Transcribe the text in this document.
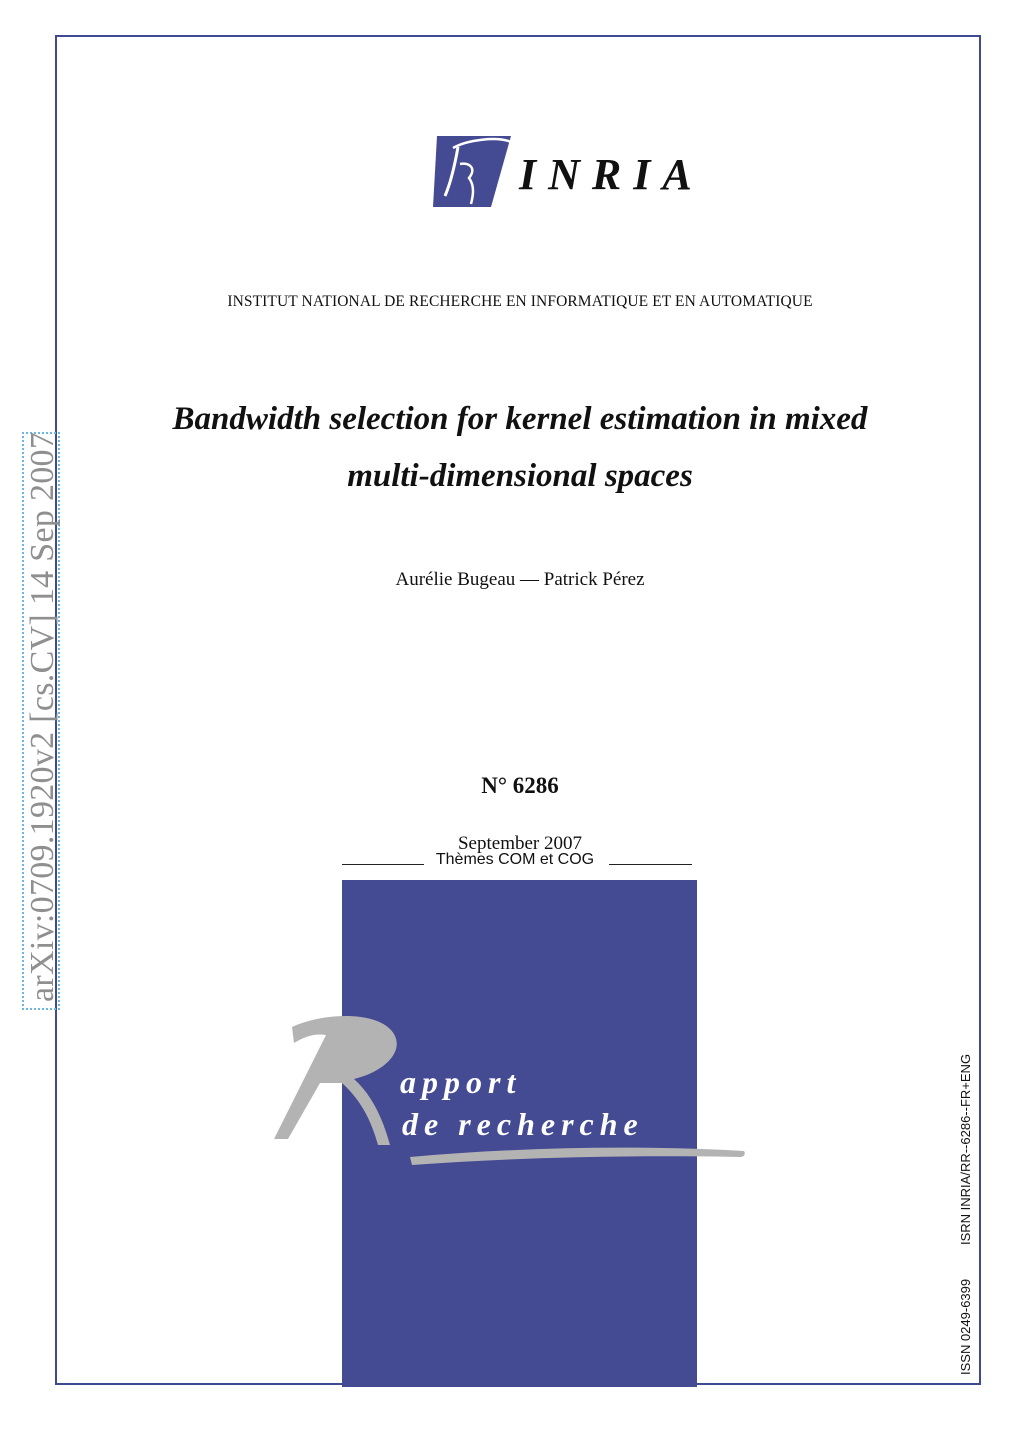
INRIA
INSTITUT NATIONAL DE RECHERCHE EN INFORMATIQUE ET EN AUTOMATIQUE
Bandwidth selection for kernel estimation in mixed
multi-dimensional spaces
Aurélie Bugeau — Patrick Pérez
N° 6286
September 2007
Thèmes COM et COG
apport
de recherche
arXiv:0709.1920v2 [cs.CV] 14 Sep 2007
ISSN 0249-6399
ISRN INRIA/RR--6286--FR+ENG
